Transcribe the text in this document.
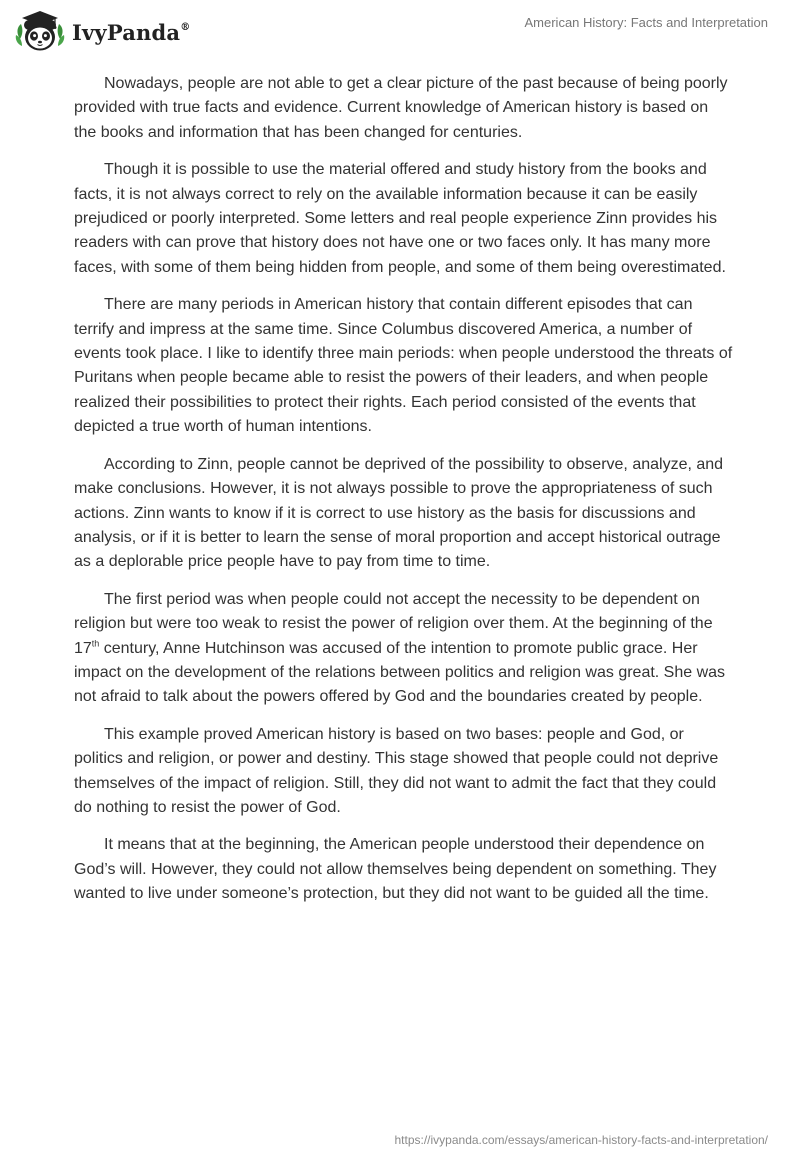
IvyPanda®	American History: Facts and Interpretation

Nowadays, people are not able to get a clear picture of the past because of being poorly provided with true facts and evidence. Current knowledge of American history is based on the books and information that has been changed for centuries.

Though it is possible to use the material offered and study history from the books and facts, it is not always correct to rely on the available information because it can be easily prejudiced or poorly interpreted. Some letters and real people experience Zinn provides his readers with can prove that history does not have one or two faces only. It has many more faces, with some of them being hidden from people, and some of them being overestimated.

There are many periods in American history that contain different episodes that can terrify and impress at the same time. Since Columbus discovered America, a number of events took place. I like to identify three main periods: when people understood the threats of Puritans when people became able to resist the powers of their leaders, and when people realized their possibilities to protect their rights. Each period consisted of the events that depicted a true worth of human intentions.

According to Zinn, people cannot be deprived of the possibility to observe, analyze, and make conclusions. However, it is not always possible to prove the appropriateness of such actions. Zinn wants to know if it is correct to use history as the basis for discussions and analysis, or if it is better to learn the sense of moral proportion and accept historical outrage as a deplorable price people have to pay from time to time.

The first period was when people could not accept the necessity to be dependent on religion but were too weak to resist the power of religion over them. At the beginning of the 17th century, Anne Hutchinson was accused of the intention to promote public grace. Her impact on the development of the relations between politics and religion was great. She was not afraid to talk about the powers offered by God and the boundaries created by people.

This example proved American history is based on two bases: people and God, or politics and religion, or power and destiny. This stage showed that people could not deprive themselves of the impact of religion. Still, they did not want to admit the fact that they could do nothing to resist the power of God.

It means that at the beginning, the American people understood their dependence on God’s will. However, they could not allow themselves being dependent on something. They wanted to live under someone’s protection, but they did not want to be guided all the time.

https://ivypanda.com/essays/american-history-facts-and-interpretation/
